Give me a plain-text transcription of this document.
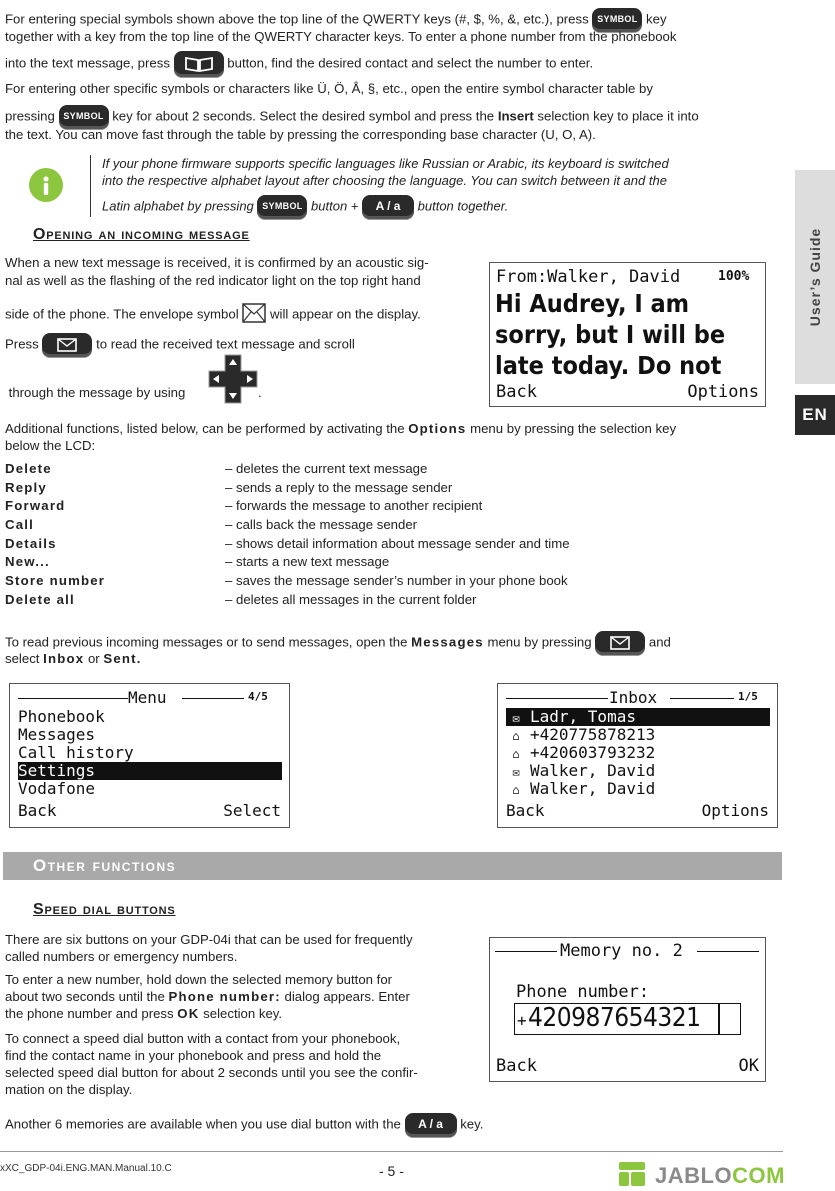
For entering special symbols shown above the top line of the QWERTY keys (#, $, %, &, etc.), press SYMBOL key

together with a key from the top line of the QWERTY character keys. To enter a phone number from the phonebook

into the text message, press	button, find the desired contact and select the number to enter.

For entering other specific symbols or characters like Ü, Ö, Å, §, etc., open the entire symbol character table by

pressing SYMBOL key for about 2 seconds. Select the desired symbol and press the Insert selection key to place it into

the text. You can move fast through the table by pressing the corresponding base character (U, O, A).

If your phone firmware supports specific languages like Russian or Arabic, its keyboard is switched

into the respective alphabet layout after choosing the language. You can switch between it and the

Latin alphabet by pressing SYMBOL button + A / a button together.

Opening an incoming message

When a new text message is received, it is confirmed by an acoustic sig-

nal as well as the flashing of the red indicator light on the top right hand

side of the phone. The envelope symbol will appear on the display.

Press	to read the received text message and scroll

through the message by using	.
From:Walker, David	100%
Hi Audrey, I am
sorry, but I will be
late today. Do not
Back	Options

Additional functions, listed below, can be performed by activating the Options menu by pressing the selection key

below the LCD:

Delete	– deletes the current text message
Reply	– sends a reply to the message sender
Forward	– forwards the message to another recipient
Call	– calls back the message sender
Details	– shows detail information about message sender and time
New...	– starts a new text message
Store number	– saves the message sender’s number in your phone book
Delete all	– deletes all messages in the current folder

To read previous incoming messages or to send messages, open the Messages menu by pressing	and

select Inbox or Sent.

Menu	4/5
Phonebook
Messages
Call history
Settings
Vodafone
Back	Select
Inbox	1/5
✉ Ladr, Tomas
⌂ +420775878213
⌂ +420603793232
✉ Walker, David
⌂ Walker, David
Back	Options
Other functions
Speed dial buttons

There are six buttons on your GDP-04i that can be used for frequently

called numbers or emergency numbers.

To enter a new number, hold down the selected memory button for

about two seconds until the Phone number: dialog appears. Enter

the phone number and press OK selection key.

To connect a speed dial button with a contact from your phonebook,

find the contact name in your phonebook and press and hold the

selected speed dial button for about 2 seconds until you see the confir-

mation on the display.

Another 6 memories are available when you use dial button with the A / a key.

Memory no. 2
Phone number:
+ 420987654321
Back	OK
User’s Guide
EN
xXC_GDP-04i.ENG.MAN.Manual.10.C	- 5 -	JABLOCOM
